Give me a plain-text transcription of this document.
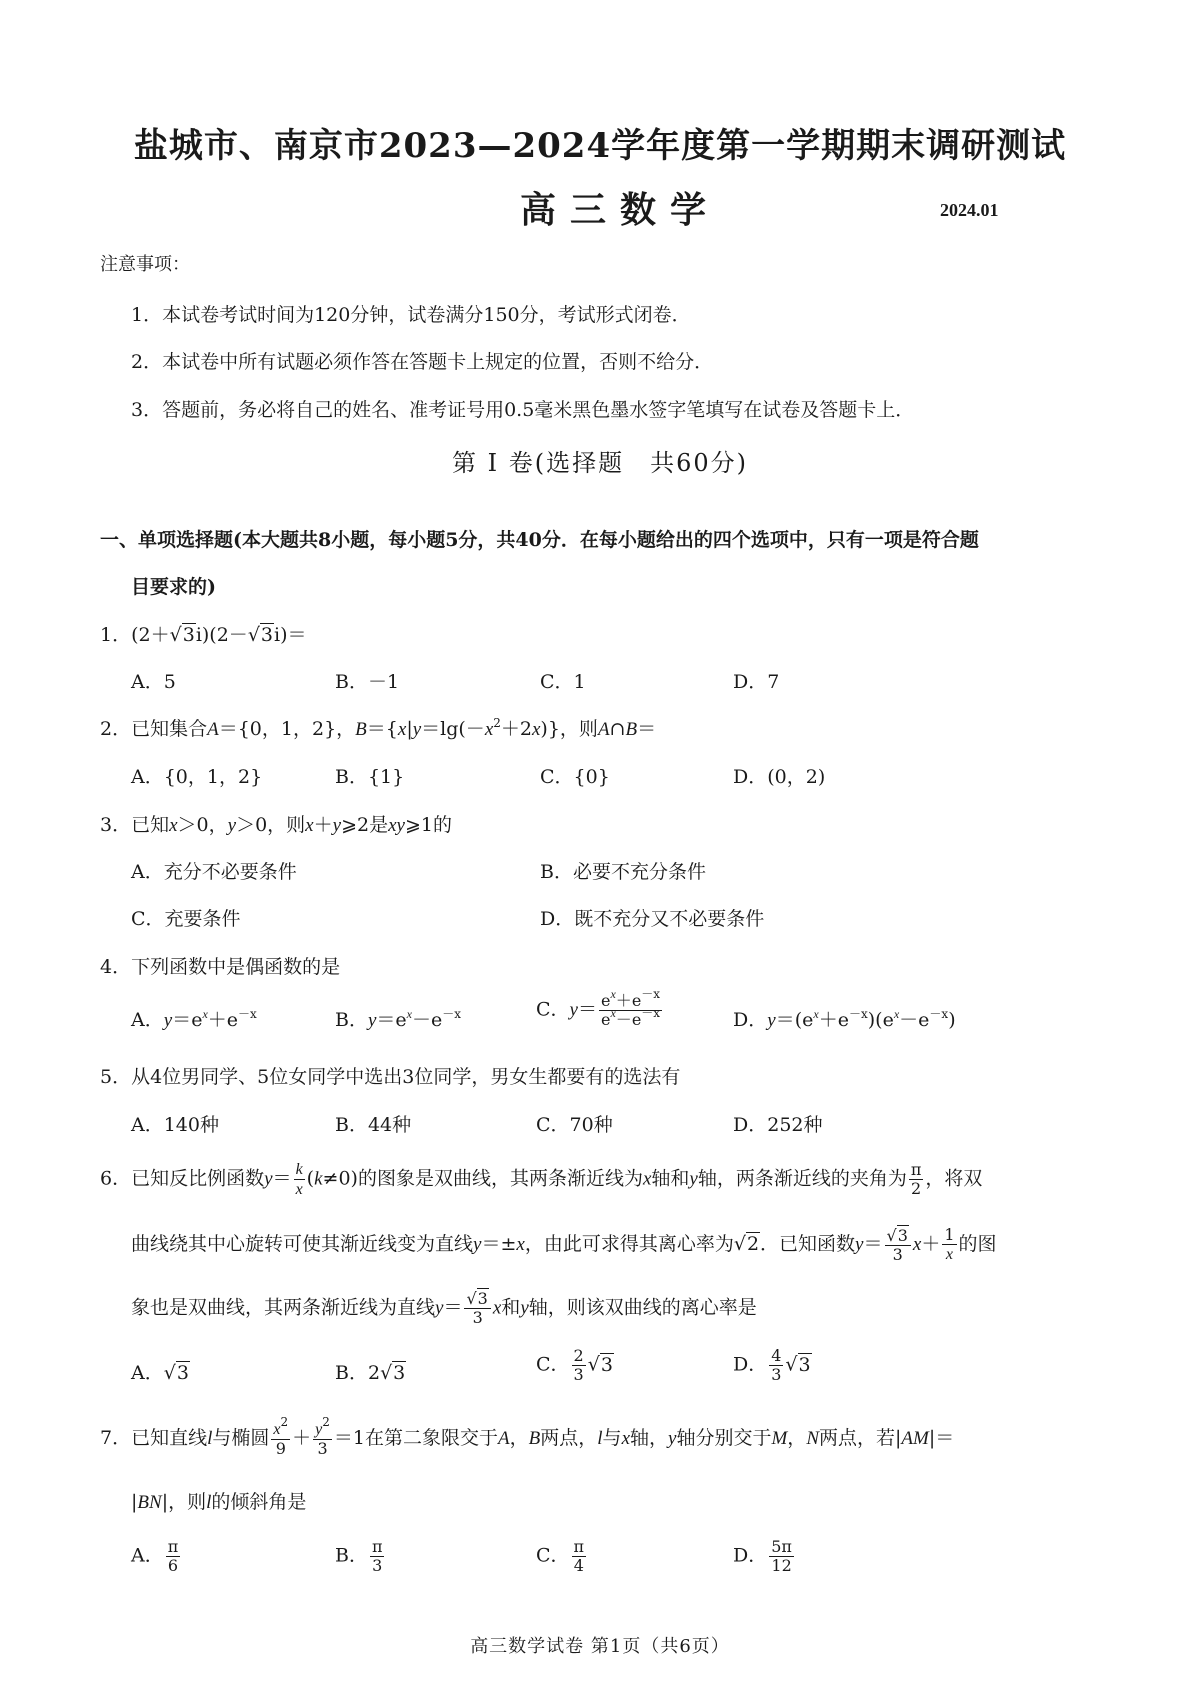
盐城市、南京市2023—2024学年度第一学期期末调研测试
高三数学	2024.01
注意事项：
1．本试卷考试时间为120分钟，试卷满分150分，考试形式闭卷．
2．本试卷中所有试题必须作答在答题卡上规定的位置，否则不给分．
3．答题前，务必将自己的姓名、准考证号用0.5毫米黑色墨水签字笔填写在试卷及答题卡上．
第 Ⅰ 卷(选择题　共60分)
一、单项选择题(本大题共8小题，每小题5分，共40分．在每小题给出的四个选项中，只有一项是符合题
目要求的)
1．(2＋√3i)(2－√3i)＝
A．5	B．－1	C．1	D．7
2．已知集合A＝{0，1，2}，$B=\{x|y=\lg(-x^2+2x)\}$，则A∩B＝
A．{0，1，2}	B．{1}	C．{0}	D．(0，2)
3．已知x＞0，y＞0，则x＋y⩾2是xy⩾1的
A．充分不必要条件	B．必要不充分条件
C．充要条件	D．既不充分又不必要条件
4．下列函数中是偶函数的是
A．$y=e^x+e^{-x}$	B．$y=e^x-e^{-x}$	C．$y= \frac{e^x+e^{-x}}{e^x-e^{-x}}$	D．$y=(e^x+e^{-x})(e^x-e^{-x})$
5．从4位男同学、5位女同学中选出3位同学，男女生都要有的选法有
A．140种	B．44种	C．70种	D．252种
6．已知反比例函数$y= \frac{k}{x} (k\ne 0)$的图象是双曲线，其两条渐近线为x轴和y轴，两条渐近线的夹角为 $\frac{\pi}{2}$ ，将双
曲线绕其中心旋转可使其渐近线变为直线y＝±x，由此可求得其离心率为√2．已知函数$y= \frac{√3}{3} x+ \frac{1}{x}$ 的图
象也是双曲线，其两条渐近线为直线$y= \frac{√3}{3}$ x和y轴，则该双曲线的离心率是
A．√3	B．2√3	C． $\frac{2}{3} √3$	D． $\frac{4}{3} √3$
7．已知直线l与椭圆 $\frac{x^2}{9} + \frac{y^2}{3} =1$在第二象限交于A，B两点，l与x轴，y轴分别交于M，N两点，若|AM|＝
|BN|，则l的倾斜角是
A． $\frac{\pi}{6}$	B． $\frac{\pi}{3}$	C． $\frac{\pi}{4}$	D． $\frac{5\pi}{12}$
高三数学试卷 第1页（共6页）
